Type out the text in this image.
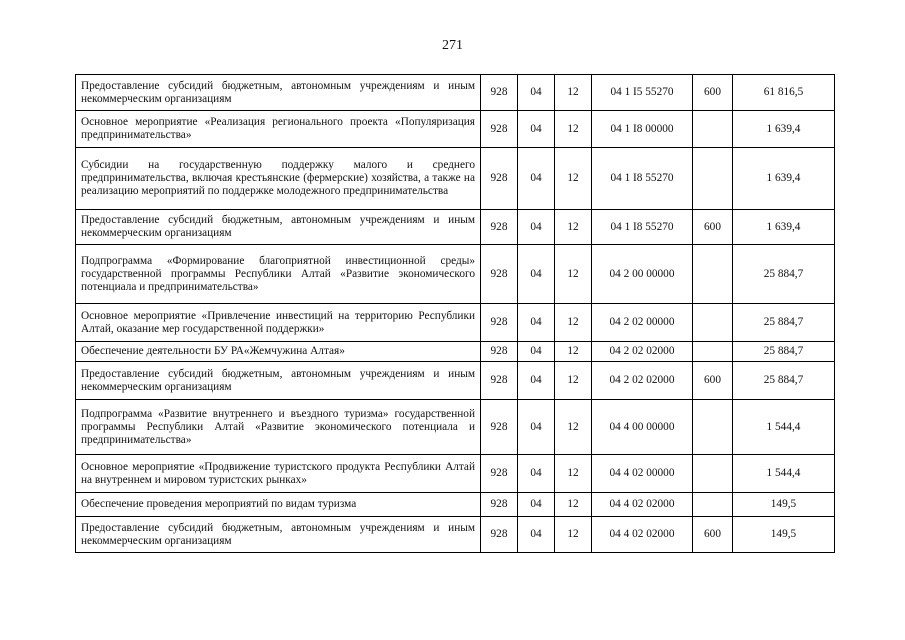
271
Предоставление субсидий бюджетным, автономным учреждениям и иным некоммерческим организациям	928	04	12	04 1 I5 55270	600	61 816,5
Основное мероприятие «Реализация регионального проекта «Популяризация предпринимательства»	928	04	12	04 1 I8 00000		1 639,4
Субсидии на государственную поддержку малого и среднего предпринимательства, включая крестьянские (фермерские) хозяйства, а также на реализацию мероприятий по поддержке молодежного предпринимательства	928	04	12	04 1 I8 55270		1 639,4
Предоставление субсидий бюджетным, автономным учреждениям и иным некоммерческим организациям	928	04	12	04 1 I8 55270	600	1 639,4
Подпрограмма «Формирование благоприятной инвестиционной среды» государственной программы Республики Алтай «Развитие экономического потенциала и предпринимательства»	928	04	12	04 2 00 00000		25 884,7
Основное мероприятие «Привлечение инвестиций на территорию Республики Алтай, оказание мер государственной поддержки»	928	04	12	04 2 02 00000		25 884,7
Обеспечение деятельности БУ РА«Жемчужина Алтая»	928	04	12	04 2 02 02000		25 884,7
Предоставление субсидий бюджетным, автономным учреждениям и иным некоммерческим организациям	928	04	12	04 2 02 02000	600	25 884,7
Подпрограмма «Развитие внутреннего и въездного туризма» государственной программы Республики Алтай «Развитие экономического потенциала и предпринимательства»	928	04	12	04 4 00 00000		1 544,4
Основное мероприятие «Продвижение туристского продукта Республики Алтай на внутреннем и мировом туристских рынках»	928	04	12	04 4 02 00000		1 544,4
Обеспечение проведения мероприятий по видам туризма	928	04	12	04 4 02 02000		149,5
Предоставление субсидий бюджетным, автономным учреждениям и иным некоммерческим организациям	928	04	12	04 4 02 02000	600	149,5
